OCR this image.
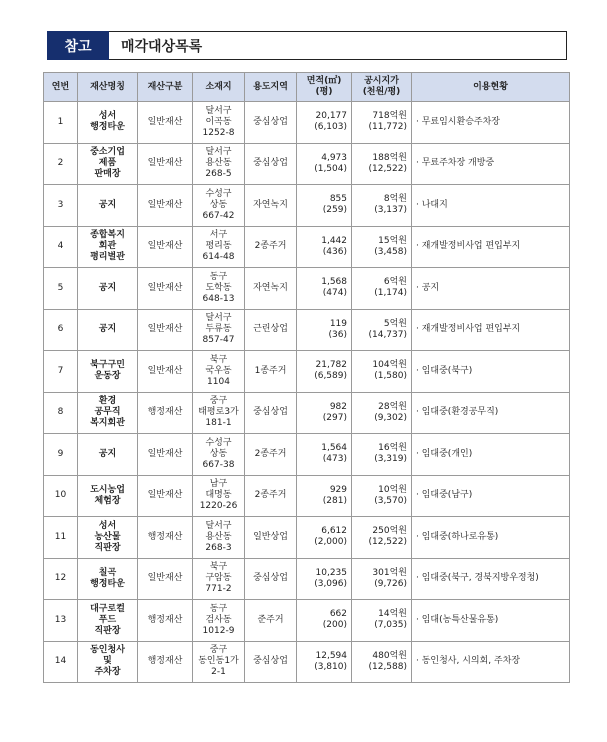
참고	매각대상목록
연번	재산명칭	재산구분	소재지	용도지역	면적(㎡)
(평)	공시지가
(천원/평)	이용현황

1	성서
행정타운	일반재산	달서구
이곡동
1252-8	중심상업	20,177
(6,103)	718억원
(11,772)	· 무료임시환승주차장

2	중소기업
제품
판매장	일반재산	달서구
용산동
268-5	중심상업	4,973
(1,504)	188억원
(12,522)	· 무료주차장 개방중

3	공지	일반재산	수성구
상동
667-42	자연녹지	855
(259)	8억원
(3,137)	· 나대지

4	종합복지
회관
평리별관	일반재산	서구
평리동
614-48	2종주거	1,442
(436)	15억원
(3,458)	· 재개발정비사업 편입부지

5	공지	일반재산	동구
도학동
648-13	자연녹지	1,568
(474)	6억원
(1,174)	· 공지

6	공지	일반재산	달서구
두류동
857-47	근린상업	119
(36)	5억원
(14,737)	· 재개발정비사업 편입부지

7	북구구민
운동장	일반재산	북구
국우동
1104	1종주거	21,782
(6,589)	104억원
(1,580)	· 임대중(북구)

8	환경
공무직
복지회관	행정재산	중구
태평로3가
181-1	중심상업	982
(297)	28억원
(9,302)	· 임대중(환경공무직)

9	공지	일반재산	수성구
상동
667-38	2종주거	1,564
(473)	16억원
(3,319)	· 임대중(개인)

10	도시농업
체험장	일반재산	남구
대명동
1220-26	2종주거	929
(281)	10억원
(3,570)	· 임대중(남구)

11	성서
농산물
직판장	행정재산	달서구
용산동
268-3	일반상업	6,612
(2,000)	250억원
(12,522)	· 임대중(하나로유통)

12	칠곡
행정타운	일반재산	북구
구암동
771-2	중심상업	10,235
(3,096)	301억원
(9,726)	· 임대중(북구, 경북지방우정청)

13	대구로컬
푸드
직판장	행정재산	동구
검사동
1012-9	준주거	662
(200)	14억원
(7,035)	· 임대(농특산물유통)

14	동인청사
및
주차장	행정재산	중구
동인동1가
2-1	중심상업	12,594
(3,810)	480억원
(12,588)	· 동인청사, 시의회, 주차장
